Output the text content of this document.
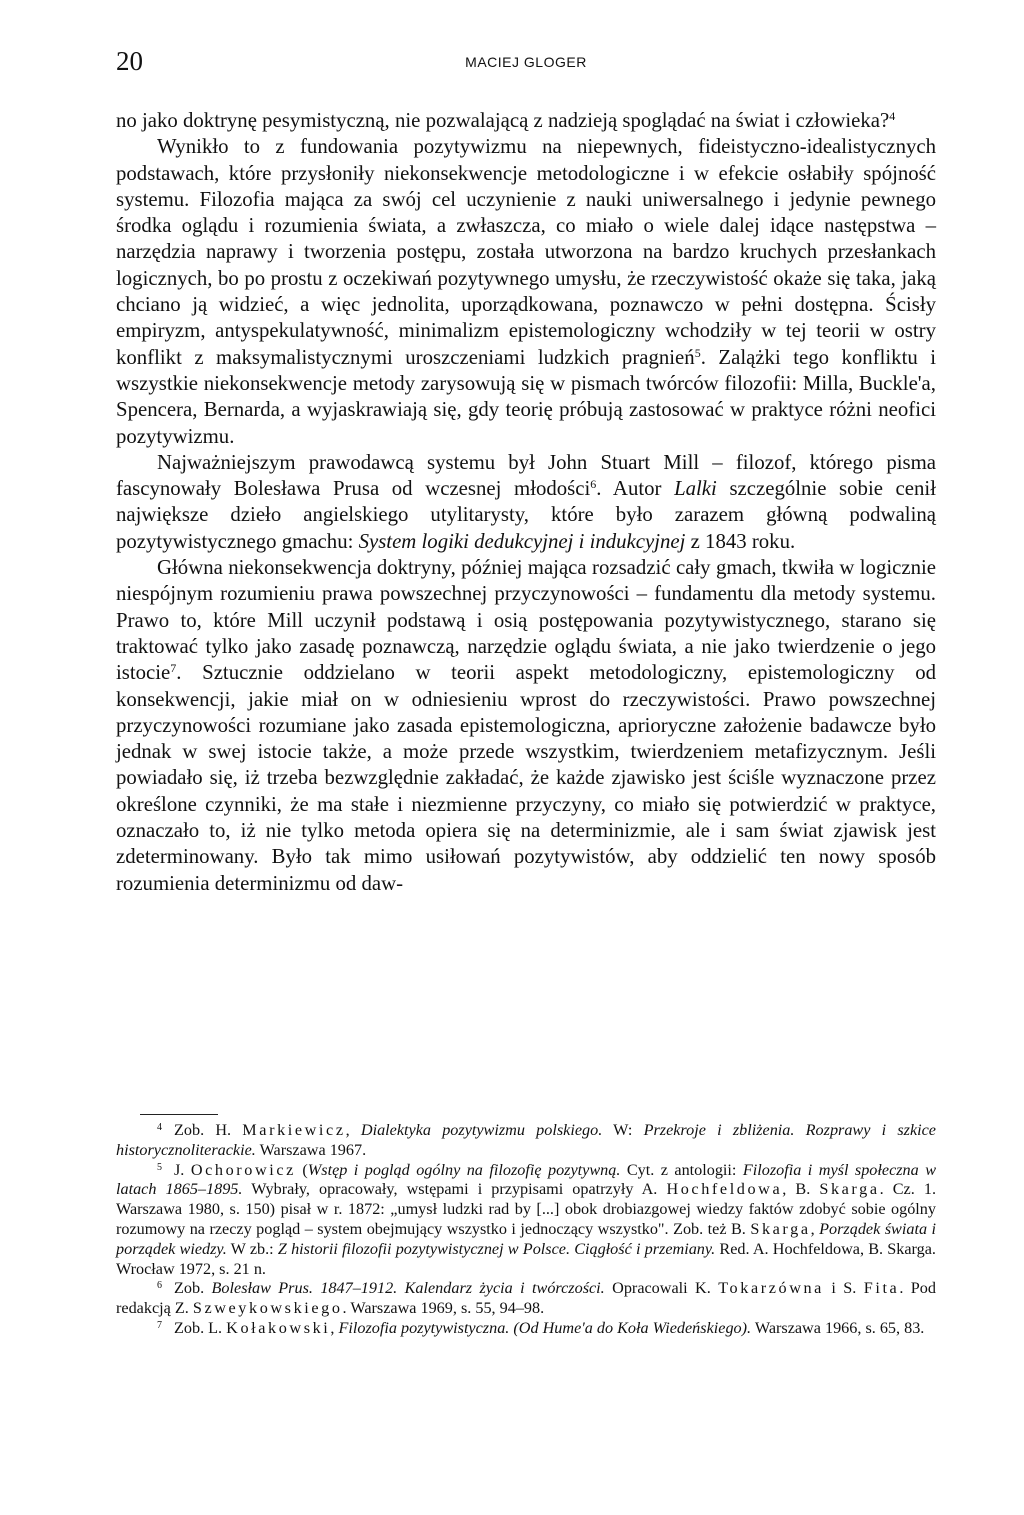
20	MACIEJ GLOGER

no jako doktrynę pesymistyczną, nie pozwalającą z nadzieją spoglądać na świat i człowieka?$^4$

Wynikło to z fundowania pozytywizmu na niepewnych, fideistyczno-idealistycznych podstawach, które przysłoniły niekonsekwencje metodologiczne i w efekcie osłabiły spójność systemu. Filozofia mająca za swój cel uczynienie z nauki uniwersalnego i jedynie pewnego środka oglądu i rozumienia świata, a zwłaszcza, co miało o wiele dalej idące następstwa – narzędzia naprawy i tworzenia postępu, została utworzona na bardzo kruchych przesłankach logicznych, bo po prostu z oczekiwań pozytywnego umysłu, że rzeczywistość okaże się taka, jaką chciano ją widzieć, a więc jednolita, uporządkowana, poznawczo w pełni dostępna. Ścisły empiryzm, antyspekulatywność, minimalizm epistemologiczny wchodziły w tej teorii w ostry konflikt z maksymalistycznymi uroszczeniami ludzkich pragnień$^5$. Zalążki tego konfliktu i wszystkie niekonsekwencje metody zarysowują się w pismach twórców filozofii: Milla, Buckle'a, Spencera, Bernarda, a wyjaskrawiają się, gdy teorię próbują zastosować w praktyce różni neofici pozytywizmu.

Najważniejszym prawodawcą systemu był John Stuart Mill – filozof, którego pisma fascynowały Bolesława Prusa od wczesnej młodości$^6$. Autor Lalki szczególnie sobie cenił największe dzieło angielskiego utylitarysty, które było zarazem główną podwaliną pozytywistycznego gmachu: System logiki dedukcyjnej i indukcyjnej z 1843 roku.

Główna niekonsekwencja doktryny, później mająca rozsadzić cały gmach, tkwiła w logicznie niespójnym rozumieniu prawa powszechnej przyczynowości – fundamentu dla metody systemu. Prawo to, które Mill uczynił podstawą i osią postępowania pozytywistycznego, starano się traktować tylko jako zasadę poznawczą, narzędzie oglądu świata, a nie jako twierdzenie o jego istocie$^7$. Sztucznie oddzielano w teorii aspekt metodologiczny, epistemologiczny od konsekwencji, jakie miał on w odniesieniu wprost do rzeczywistości. Prawo powszechnej przyczynowości rozumiane jako zasada epistemologiczna, aprioryczne założenie badawcze było jednak w swej istocie także, a może przede wszystkim, twierdzeniem metafizycznym. Jeśli powiadało się, iż trzeba bezwzględnie zakładać, że każde zjawisko jest ściśle wyznaczone przez określone czynniki, że ma stałe i niezmienne przyczyny, co miało się potwierdzić w praktyce, oznaczało to, iż nie tylko metoda opiera się na determinizmie, ale i sam świat zjawisk jest zdeterminowany. Było tak mimo usiłowań pozytywistów, aby oddzielić ten nowy sposób rozumienia determinizmu od daw-

$^4$ Zob. H. Markiewicz, Dialektyka pozytywizmu polskiego. W: Przekroje i zbliżenia. Rozprawy i szkice historycznoliterackie. Warszawa 1967.

$^5$ J. Ochorowicz (Wstęp i pogląd ogólny na filozofię pozytywną. Cyt. z antologii: Filozofia i myśl społeczna w latach 1865–1895. Wybrały, opracowały, wstępami i przypisami opatrzyły A. Hochfeldowa, B. Skarga. Cz. 1. Warszawa 1980, s. 150) pisał w r. 1872: „umysł ludzki rad by [...] obok drobiazgowej wiedzy faktów zdobyć sobie ogólny rozumowy na rzeczy pogląd – system obejmujący wszystko i jednoczący wszystko". Zob. też B. Skarga, Porządek świata i porządek wiedzy. W zb.: Z historii filozofii pozytywistycznej w Polsce. Ciągłość i przemiany. Red. A. Hochfeldowa, B. Skarga. Wrocław 1972, s. 21 n.

$^6$ Zob. Bolesław Prus. 1847–1912. Kalendarz życia i twórczości. Opracowali K. Tokarzówna i S. Fita. Pod redakcją Z. Szweykowskiego. Warszawa 1969, s. 55, 94–98.

$^7$ Zob. L. Kołakowski, Filozofia pozytywistyczna. (Od Hume'a do Koła Wiedeńskiego). Warszawa 1966, s. 65, 83.
